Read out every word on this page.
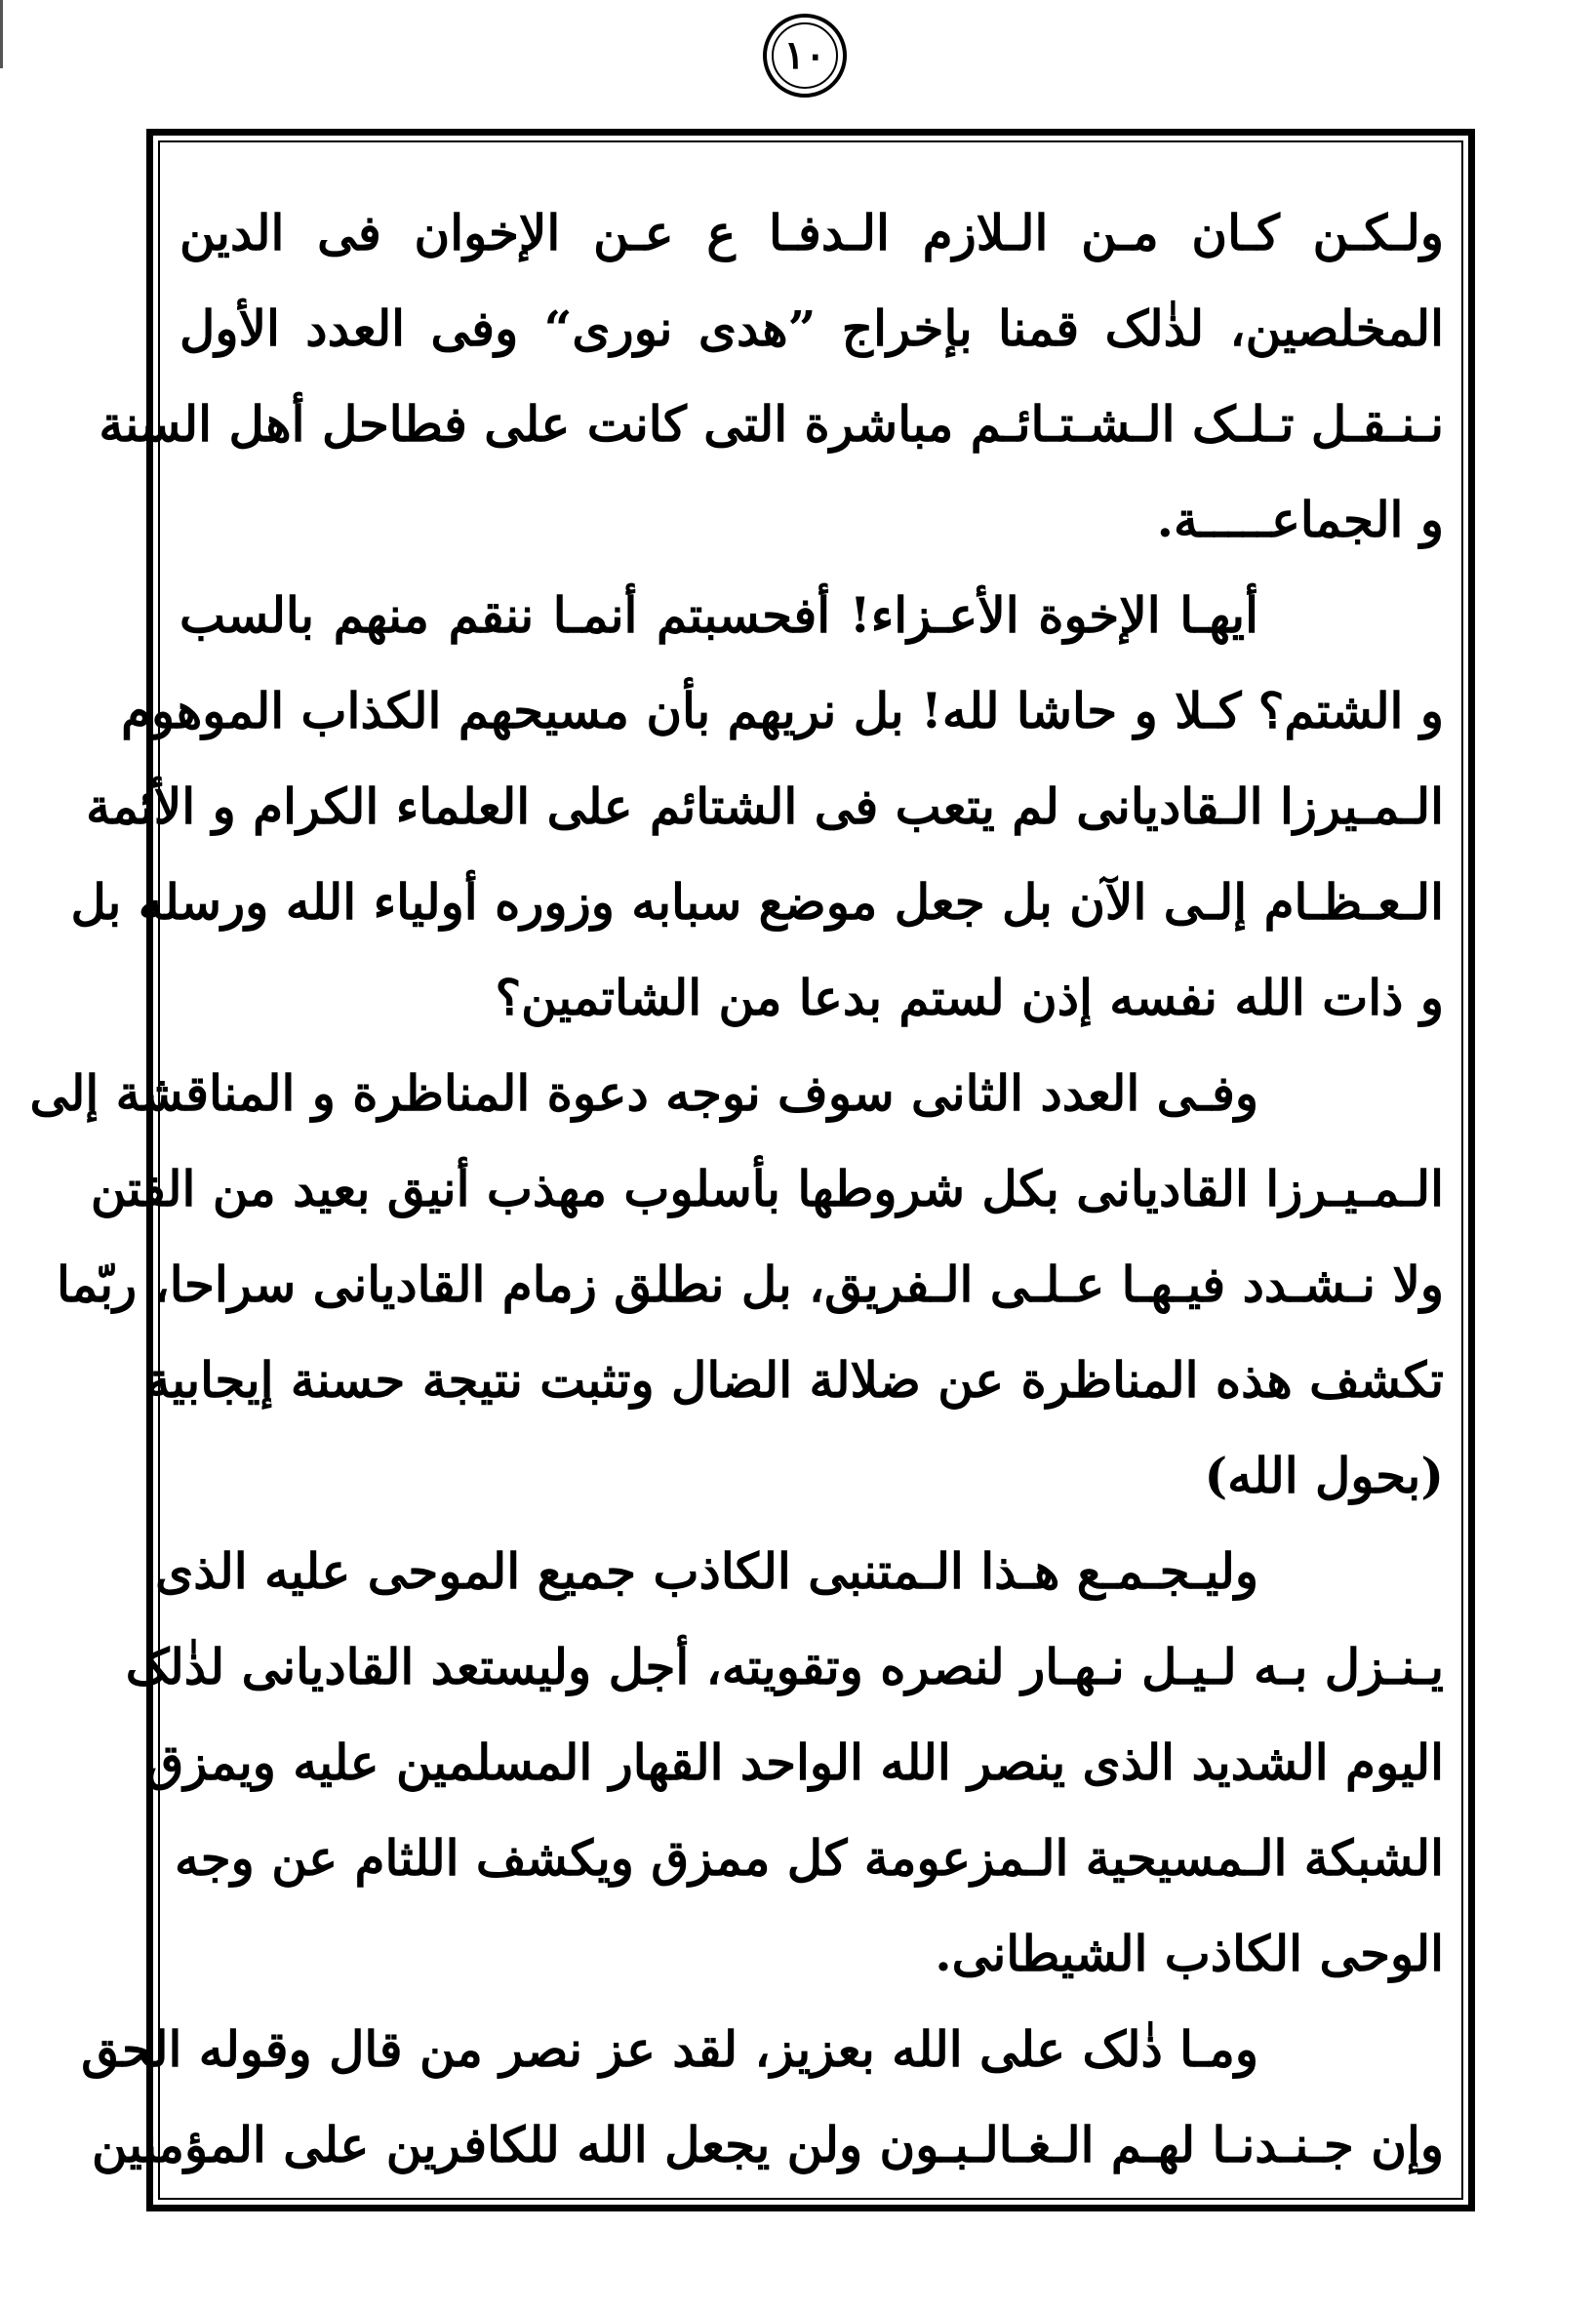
١٠
ولـكـن كـان مـن الـلازم الـدفـا ع عـن الإخوان فى الدين
المخلصين، لذٰلک قمنا بإخراج ”هدی نوری“ وفى العدد الأول
نـنـقـل تـلـک الـشـتـائـم مباشرة التی کانت علی فطاحل أهل السنة
و الجماعـــــة.
أيهـا الإخوة الأعـزاء! أفحسبتم أنمـا ننقم منهم بالسب
و الشتم؟ كـلا و حاشا لله! بل نريهم بأن مسيحهم الكذاب الموهوم
الـمـيرزا الـقاديانى لم يتعب فى الشتائم على العلماء الكرام و الأئمة
الـعـظـام إلـى الآن بل جعل موضع سبابه وزوره أولياء الله ورسله بل
و ذات الله نفسه إذن لستم بدعا من الشاتمين؟
وفـى العدد الثانى سوف نوجه دعوة المناظرة و المناقشة إلى
الـمـيـرزا القاديانى بكل شروطها بأسلوب مهذب أنيق بعيد من الفتن
ولا نـشـدد فيـهـا عـلـى الـفريق، بل نطلق زمام القاديانى سراحا، ربّما
تكشف هذه المناظرة عن ضلالة الضال وتثبت نتيجة حسنة إيجابية
(بحول الله)
وليـجـمـع هـذا الـمتنبى الكاذب جميع الموحى عليه الذى
يـنـزل بـه لـيـل نـهـار لنصره وتقويته، أجل وليستعد القاديانى لذٰلک
اليوم الشديد الذى ينصر الله الواحد القهار المسلمين عليه ويمزق
الشبكة الـمسيحية الـمزعومة كل ممزق ويكشف اللثام عن وجه
الوحى الكاذب الشيطانى.
ومـا ذٰلک على الله بعزيز، لقد عز نصر من قال وقوله الحق
وإن جـنـدنـا لهـم الـغـالـبـون ولن يجعل الله للكافرين على المؤمنين
